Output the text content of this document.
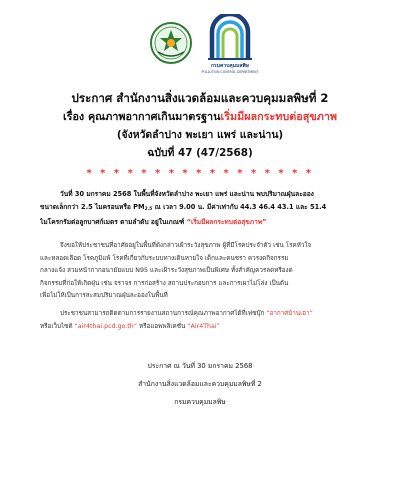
กรมควบคุมมลพิษ
POLLUTION CONTROL DEPARTMENT
ประกาศ สำนักงานสิ่งแวดล้อมและควบคุมมลพิษที่ 2
เรื่อง คุณภาพอากาศเกินมาตรฐานเริ่มมีผลกระทบต่อสุขภาพ
(จังหวัดลำปาง พะเยา แพร่ และน่าน)
ฉบับที่ 47 (47/2568)
* * * * * * * * * * * * * * * * *
วันที่ 30 มกราคม 2568 ในพื้นที่จังหวัดลำปาง พะเยา แพร่ และน่าน พบปริมาณฝุ่นละออง
ขนาดเล็กกว่า 2.5 ไมครอนหรือ $PM_{2.5}$ ณ เวลา 9.00 น. มีค่าเท่ากับ 44.3 46.4 43.1 และ 51.4
ไมโครกรัมต่อลูกบาศก์เมตร ตามลำดับ อยู่ในเกณฑ์ “เริ่มมีผลกระทบต่อสุขภาพ”
จึงขอให้ประชาชนที่อาศัยอยู่ในพื้นที่ดังกล่าวเฝ้าระวังสุขภาพ ผู้ที่มีโรคประจำตัว เช่น โรคหัวใจ
และหลอดเลือด โรคภูมิแพ้ โรคที่เกี่ยวกับระบบทางเดินหายใจ เด็กและคนชรา ควรงดกิจกรรม
กลางแจ้ง สวมหน้ากากอนามัยแบบ N95 และเฝ้าระวังสุขภาพเป็นพิเศษ ทั้งสำคัญควรลดหรืองด
กิจกรรมที่ก่อให้เกิดฝุ่น เช่น จราจร การก่อสร้าง สถานประกอบการ และการเผาไม่โล่ง เป็นต้น
เพื่อไม่ให้เป็นการสะสมปริมาณฝุ่นละอองในพื้นที่
ประชาชนสามารถติดตามการรายงานสถานการณ์คุณภาพอากาศได้ที่เฟซบุ๊ก “อากาศบ้านเฮา”
หรือเว็บไซต์ “air4thai.pcd.go.th” หรือแอพพลิเคชั่น “Air4Thai”
ประกาศ ณ วันที่ 30 มกราคม 2568
สำนักงานสิ่งแวดล้อมและควบคุมมลพิษที่ 2
กรมควบคุมมลพิษ
